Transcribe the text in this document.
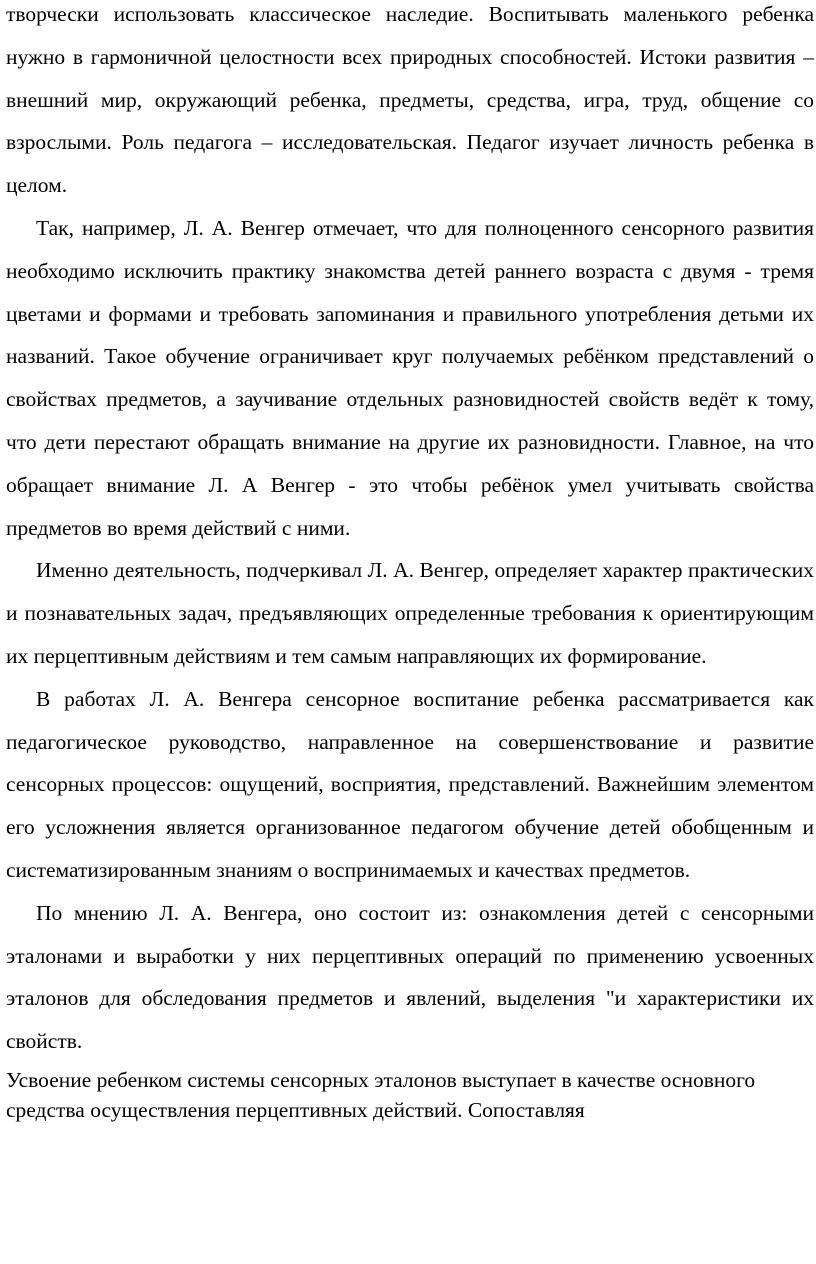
творчески использовать классическое наследие. Воспитывать маленького ребенка нужно в гармоничной целостности всех природных способностей. Истоки развития – внешний мир, окружающий ребенка, предметы, средства, игра, труд, общение со взрослыми. Роль педагога – исследовательская. Педагог изучает личность ребенка в целом.

Так, например, Л. А. Венгер отмечает, что для полноценного сенсорного развития необходимо исключить практику знакомства детей раннего возраста с двумя - тремя цветами и формами и требовать запоминания и правильного употребления детьми их названий. Такое обучение ограничивает круг получаемых ребёнком представлений о свойствах предметов, а заучивание отдельных разновидностей свойств ведёт к тому, что дети перестают обращать внимание на другие их разновидности. Главное, на что обращает внимание Л. А Венгер - это чтобы ребёнок умел учитывать свойства предметов во время действий с ними.

Именно деятельность, подчеркивал Л. А. Венгер, определяет характер практических и познавательных задач, предъявляющих определенные требования к ориентирующим их перцептивным действиям и тем самым направляющих их формирование.

В работах Л. А. Венгера сенсорное воспитание ребенка рассматривается как педагогическое руководство, направленное на совершенствование и развитие сенсорных процессов: ощущений, восприятия, представлений. Важнейшим элементом его усложнения является организованное педагогом обучение детей обобщенным и систематизированным знаниям о воспринимаемых и качествах предметов.

По мнению Л. А. Венгера, оно состоит из: ознакомления детей с сенсорными эталонами и выработки у них перцептивных операций по применению усвоенных эталонов для обследования предметов и явлений, выделения "и характеристики их свойств.

Усвоение ребенком системы сенсорных эталонов выступает в качестве основного средства осуществления перцептивных действий. Сопоставляя
